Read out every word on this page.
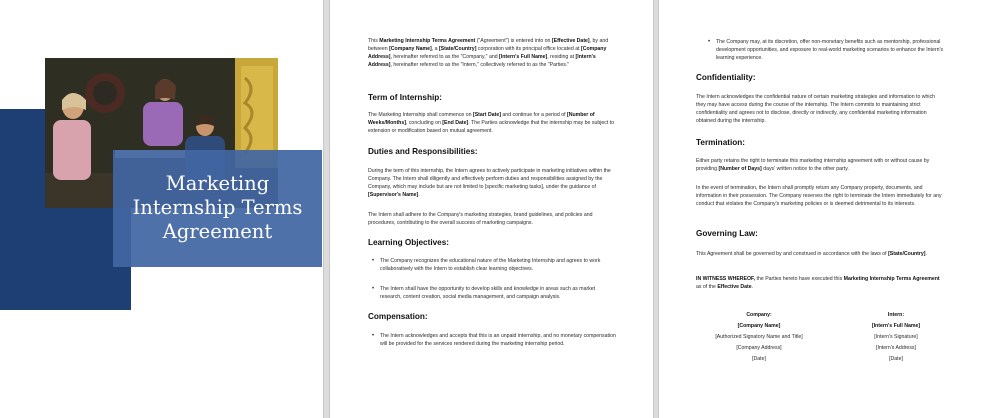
Marketing
Internship Terms
Agreement

This Marketing Internship Terms Agreement ("Agreement") is entered into on [Effective Date], by and between [Company Name], a [State/Country] corporation with its principal office located at [Company Address], hereinafter referred to as the "Company," and [Intern's Full Name], residing at [Intern's Address], hereinafter referred to as the "Intern," collectively referred to as the "Parties."

Term of Internship:

The Marketing Internship shall commence on [Start Date] and continue for a period of [Number of Weeks/Months], concluding on [End Date]. The Parties acknowledge that the internship may be subject to extension or modification based on mutual agreement.

Duties and Responsibilities:

During the term of this internship, the Intern agrees to actively participate in marketing initiatives within the Company. The Intern shall diligently and effectively perform duties and responsibilities assigned by the Company, which may include but are not limited to [specific marketing tasks], under the guidance of [Supervisor's Name].

The Intern shall adhere to the Company's marketing strategies, brand guidelines, and policies and procedures, contributing to the overall success of marketing campaigns.

Learning Objectives:

• The Company recognizes the educational nature of the Marketing Internship and agrees to work collaboratively with the Intern to establish clear learning objectives.

• The Intern shall have the opportunity to develop skills and knowledge in areas such as market research, content creation, social media management, and campaign analysis.

Compensation:

• The Intern acknowledges and accepts that this is an unpaid internship, and no monetary compensation will be provided for the services rendered during the marketing internship period.

• The Company may, at its discretion, offer non-monetary benefits such as mentorship, professional development opportunities, and exposure to real-world marketing scenarios to enhance the Intern's learning experience.

Confidentiality:

The Intern acknowledges the confidential nature of certain marketing strategies and information to which they may have access during the course of the internship. The Intern commits to maintaining strict confidentiality and agrees not to disclose, directly or indirectly, any confidential marketing information obtained during the internship.

Termination:

Either party retains the right to terminate this marketing internship agreement with or without cause by providing [Number of Days] days' written notice to the other party.

In the event of termination, the Intern shall promptly return any Company property, documents, and information in their possession. The Company reserves the right to terminate the Intern immediately for any conduct that violates the Company's marketing policies or is deemed detrimental to its interests.

Governing Law:

This Agreement shall be governed by and construed in accordance with the laws of [State/Country].

IN WITNESS WHEREOF, the Parties hereto have executed this Marketing Internship Terms Agreement as of the Effective Date.

Company:
[Company Name]
[Authorized Signatory Name and Title]
[Company Address]
[Date]
Intern:
[Intern's Full Name]
[Intern's Signature]
[Intern's Address]
[Date]
